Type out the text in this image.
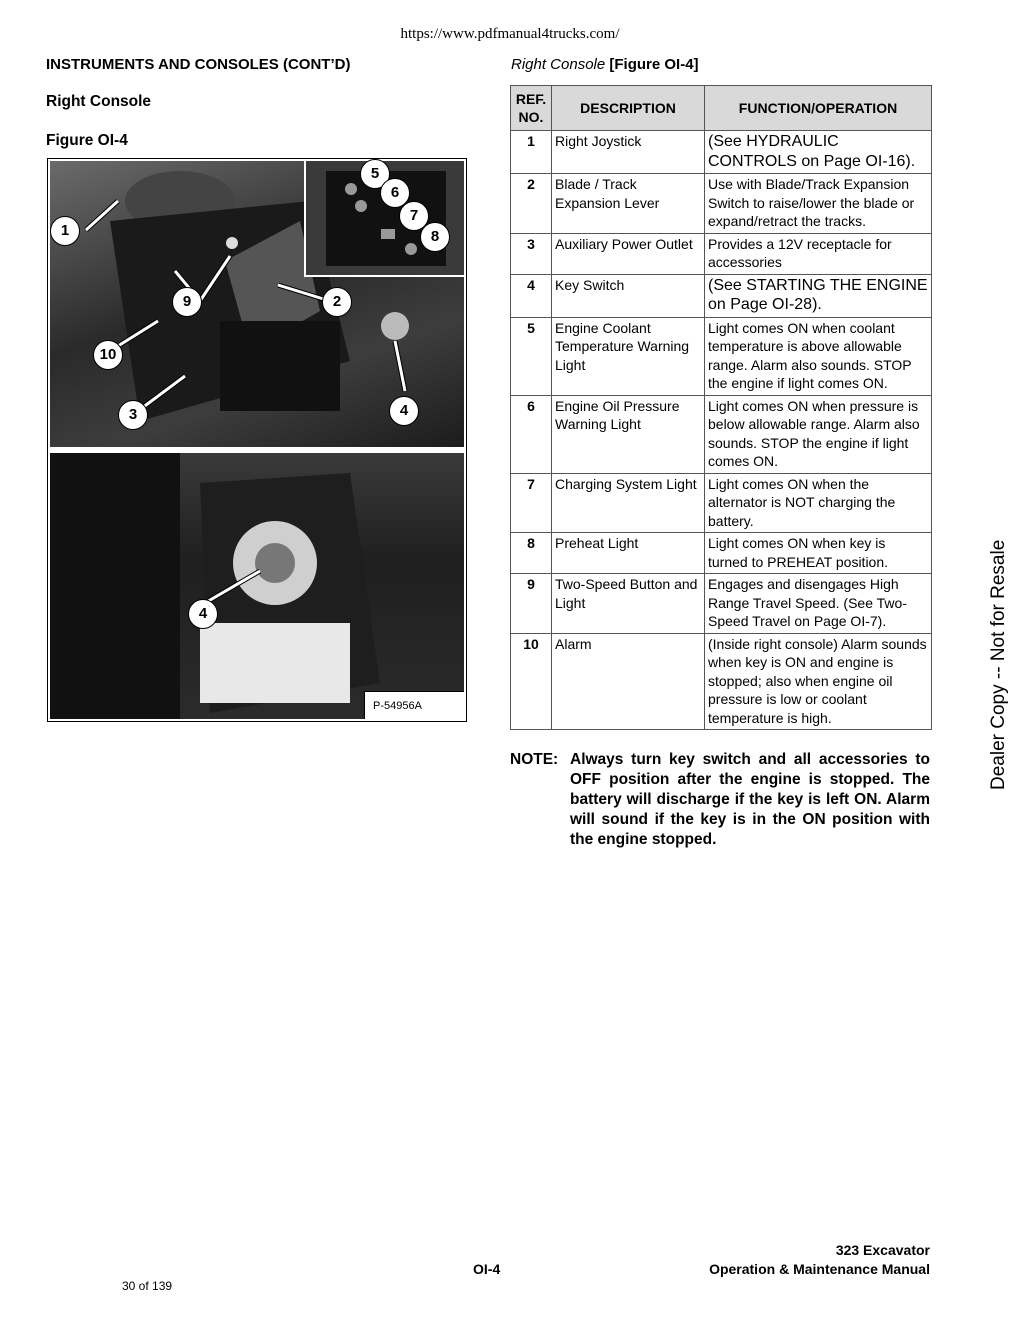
https://www.pdfmanual4trucks.com/
INSTRUMENTS AND CONSOLES (CONT’D)
Right Console
Figure OI-4
Right Console [Figure OI-4]
5
6
7
8
1
9	2
10
3	4
4
P-54956A
REF. NO.	DESCRIPTION	FUNCTION/OPERATION
1	Right Joystick	(See HYDRAULIC CONTROLS on Page OI-16).
2	Blade / Track Expansion Lever	Use with Blade/Track Expansion Switch to raise/lower the blade or expand/retract the tracks.
3	Auxiliary Power Outlet	Provides a 12V receptacle for accessories
4	Key Switch	(See STARTING THE ENGINE on Page OI-28).
5	Engine Coolant Temperature Warning Light	Light comes ON when coolant temperature is above allowable range. Alarm also sounds. STOP the engine if light comes ON.
6	Engine Oil Pressure Warning Light	Light comes ON when pressure is below allowable range. Alarm also sounds. STOP the engine if light comes ON.
7	Charging System Light	Light comes ON when the alternator is NOT charging the battery.
8	Preheat Light	Light comes ON when key is turned to PREHEAT position.
9	Two-Speed Button and Light	Engages and disengages High Range Travel Speed. (See Two-Speed Travel on Page OI-7).
10	Alarm	(Inside right console) Alarm sounds when key is ON and engine is stopped; also when engine oil pressure is low or coolant temperature is high.
NOTE: Always turn key switch and all accessories to OFF position after the engine is stopped. The battery will discharge if the key is left ON. Alarm will sound if the key is in the ON position with the engine stopped.
Dealer Copy -- Not for Resale
OI-4
323 Excavator
Operation & Maintenance Manual
30 of 139
